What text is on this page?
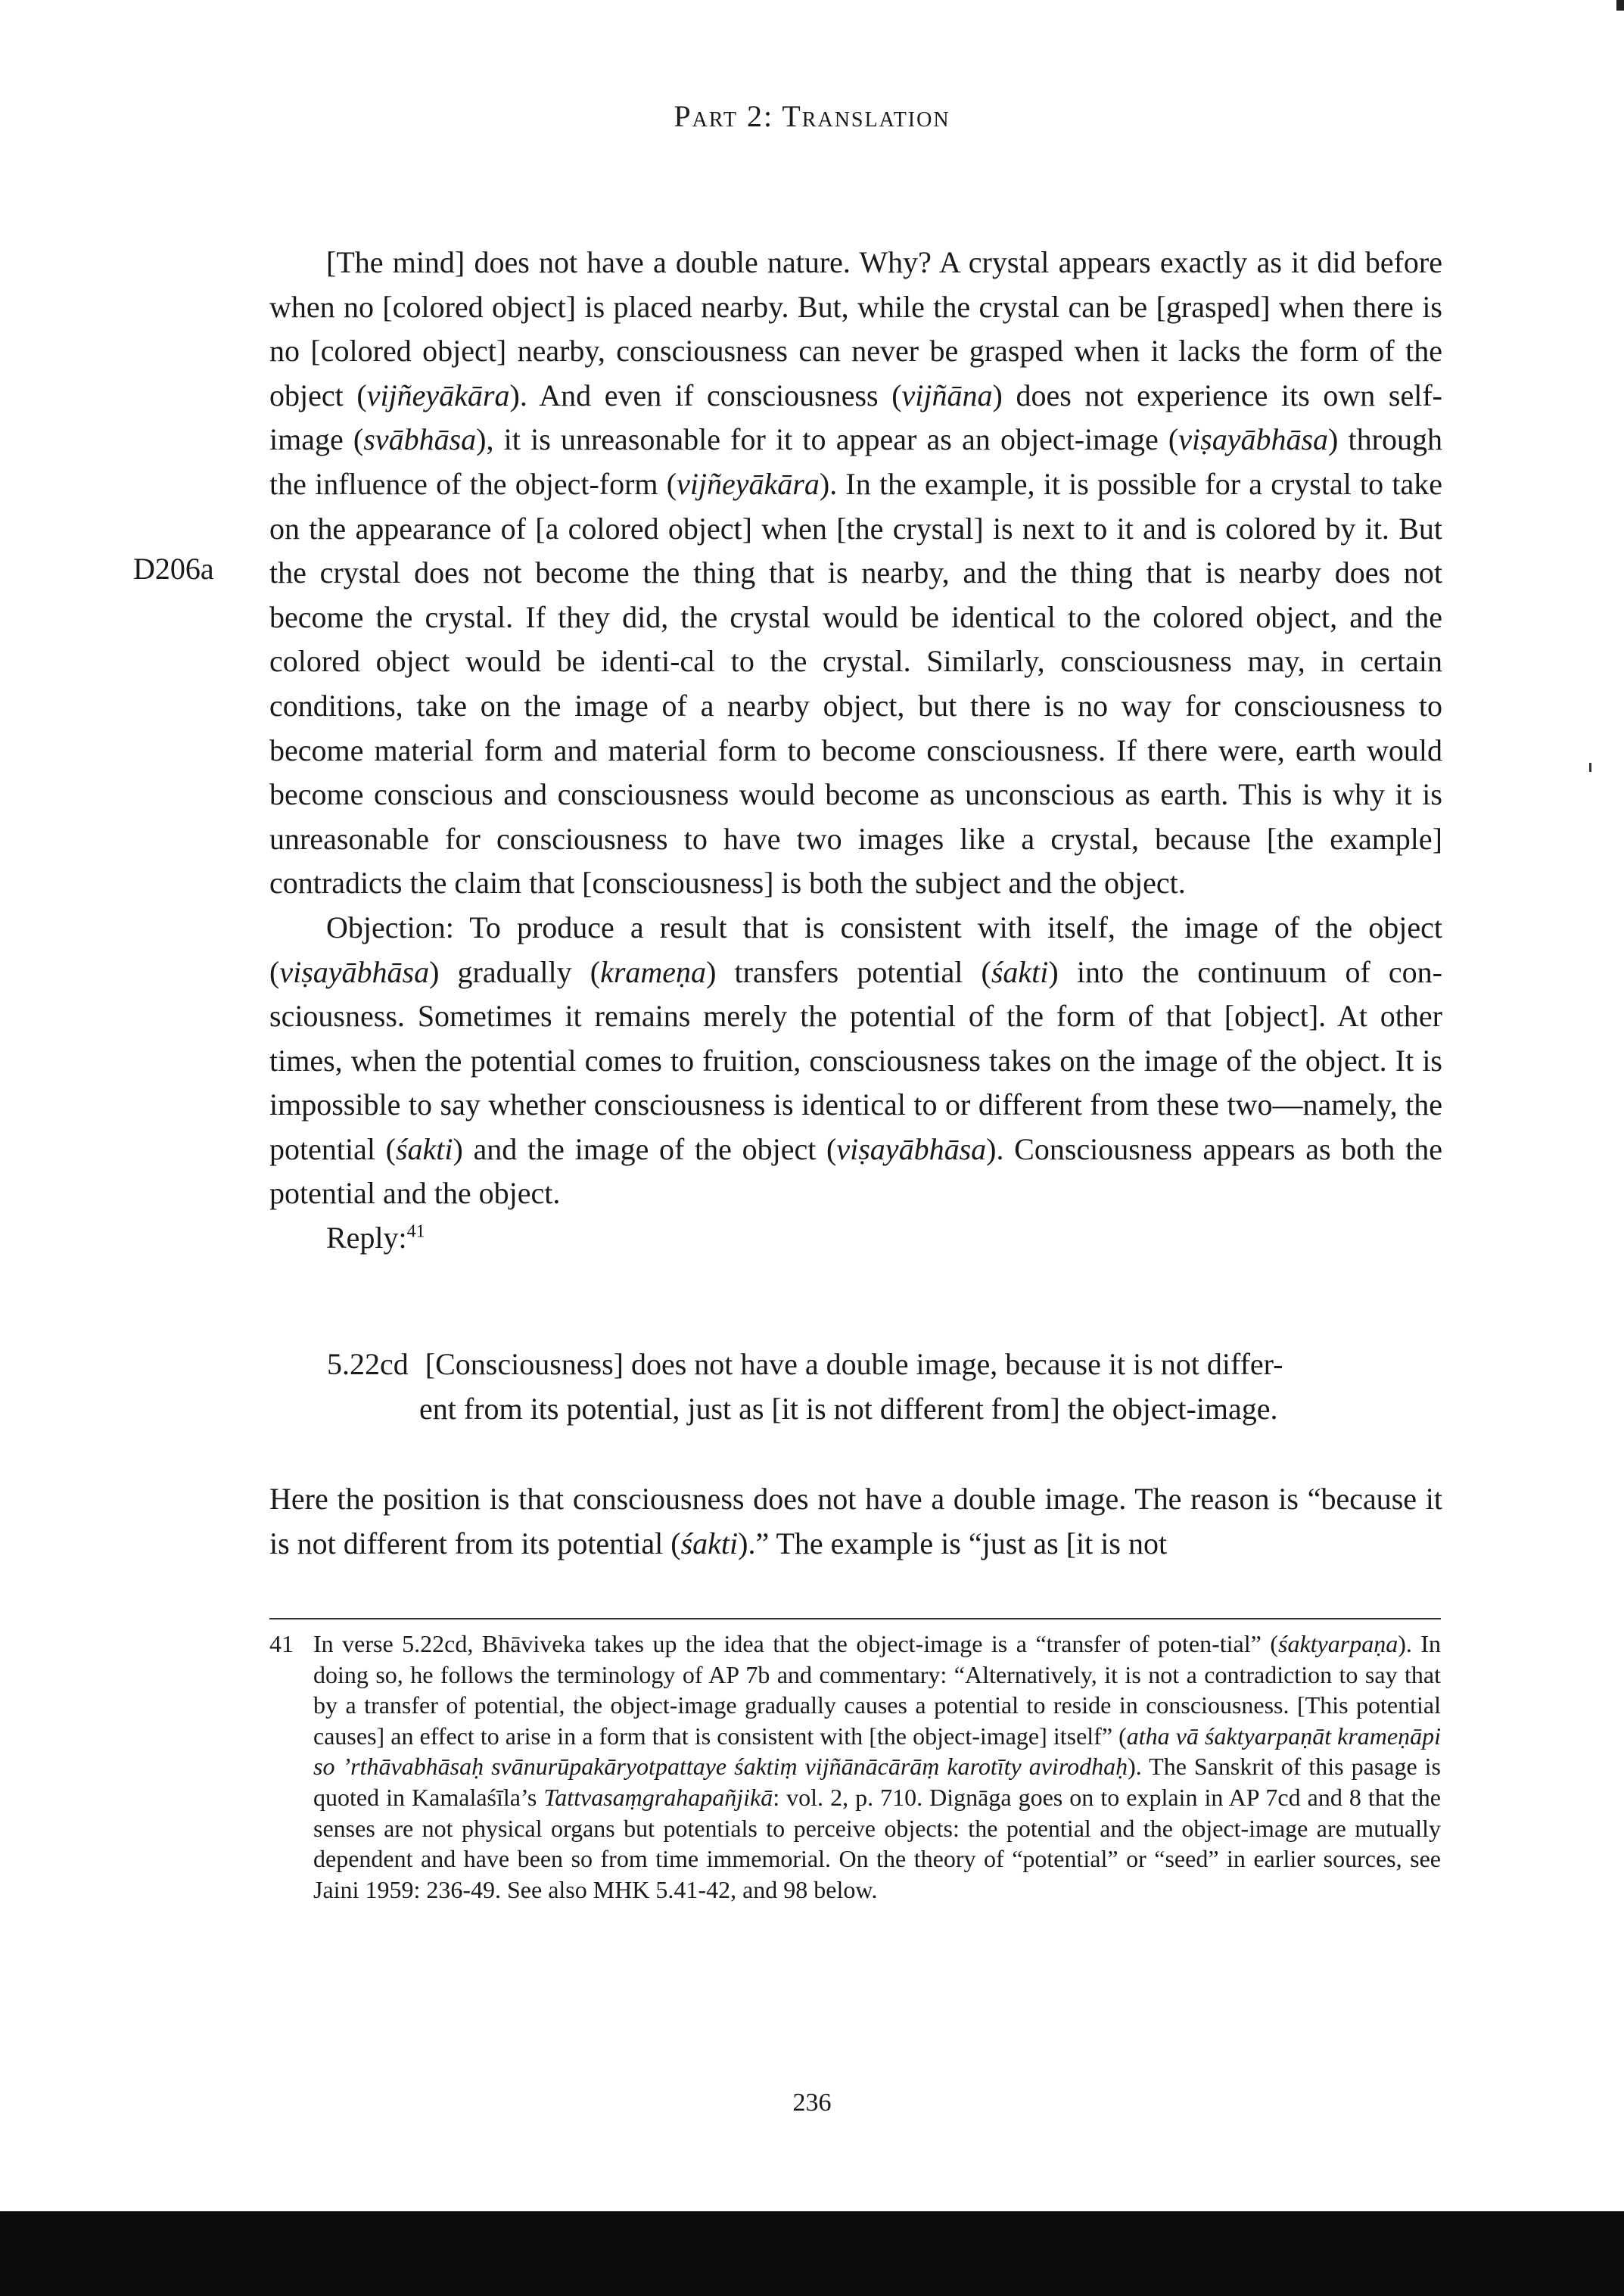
Part 2: Translation
D206a

[The mind] does not have a double nature. Why? A crystal appears exactly as it did before when no [colored object] is placed nearby. But, while the crystal can be [grasped] when there is no [colored object] nearby, consciousness can never be grasped when it lacks the form of the object (vijñeyākāra). And even if consciousness (vijñāna) does not experience its own self-image (svābhāsa), it is unreasonable for it to appear as an object-image (viṣayābhāsa) through the influence of the object-form (vijñeyākāra). In the example, it is possible for a crystal to take on the appearance of [a colored object] when [the crystal] is next to it and is colored by it. But the crystal does not become the thing that is nearby, and the thing that is nearby does not become the crystal. If they did, the crystal would be identical to the colored object, and the colored object would be identi-cal to the crystal. Similarly, consciousness may, in certain conditions, take on the image of a nearby object, but there is no way for consciousness to become material form and material form to become consciousness. If there were, earth would become conscious and consciousness would become as unconscious as earth. This is why it is unreasonable for consciousness to have two images like a crystal, because [the example] contradicts the claim that [consciousness] is both the subject and the object.

Objection: To produce a result that is consistent with itself, the image of the object (viṣayābhāsa) gradually (krameṇa) transfers potential (śakti) into the continuum of con-sciousness. Sometimes it remains merely the potential of the form of that [object]. At other times, when the potential comes to fruition, consciousness takes on the image of the object. It is impossible to say whether consciousness is identical to or different from these two—namely, the potential (śakti) and the image of the object (viṣayābhāsa). Consciousness appears as both the potential and the object.

Reply:$^{41}$

5.22cd [Consciousness] does not have a double image, because it is not differ-
ent from its potential, just as [it is not different from] the object-image.

Here the position is that consciousness does not have a double image. The reason is “because it is not different from its potential (śakti).” The example is “just as [it is not

41 In verse 5.22cd, Bhāviveka takes up the idea that the object-image is a “transfer of poten-tial” (śaktyarpaṇa). In doing so, he follows the terminology of AP 7b and commentary: “Alternatively, it is not a contradiction to say that by a transfer of potential, the object-image gradually causes a potential to reside in consciousness. [This potential causes] an effect to arise in a form that is consistent with [the object-image] itself” (atha vā śaktyarpaṇāt krameṇāpi so ’rthāvabhāsaḥ svānurūpakāryotpattaye śaktiṃ vijñānācārāṃ karotīty avirodhaḥ). The Sanskrit of this pasage is quoted in Kamalaśīla’s Tattvasaṃgrahapañjikā: vol. 2, p. 710. Dignāga goes on to explain in AP 7cd and 8 that the senses are not physical organs but potentials to perceive objects: the potential and the object-image are mutually dependent and have been so from time immemorial. On the theory of “potential” or “seed” in earlier sources, see Jaini 1959: 236-49. See also MHK 5.41-42, and 98 below.
236
